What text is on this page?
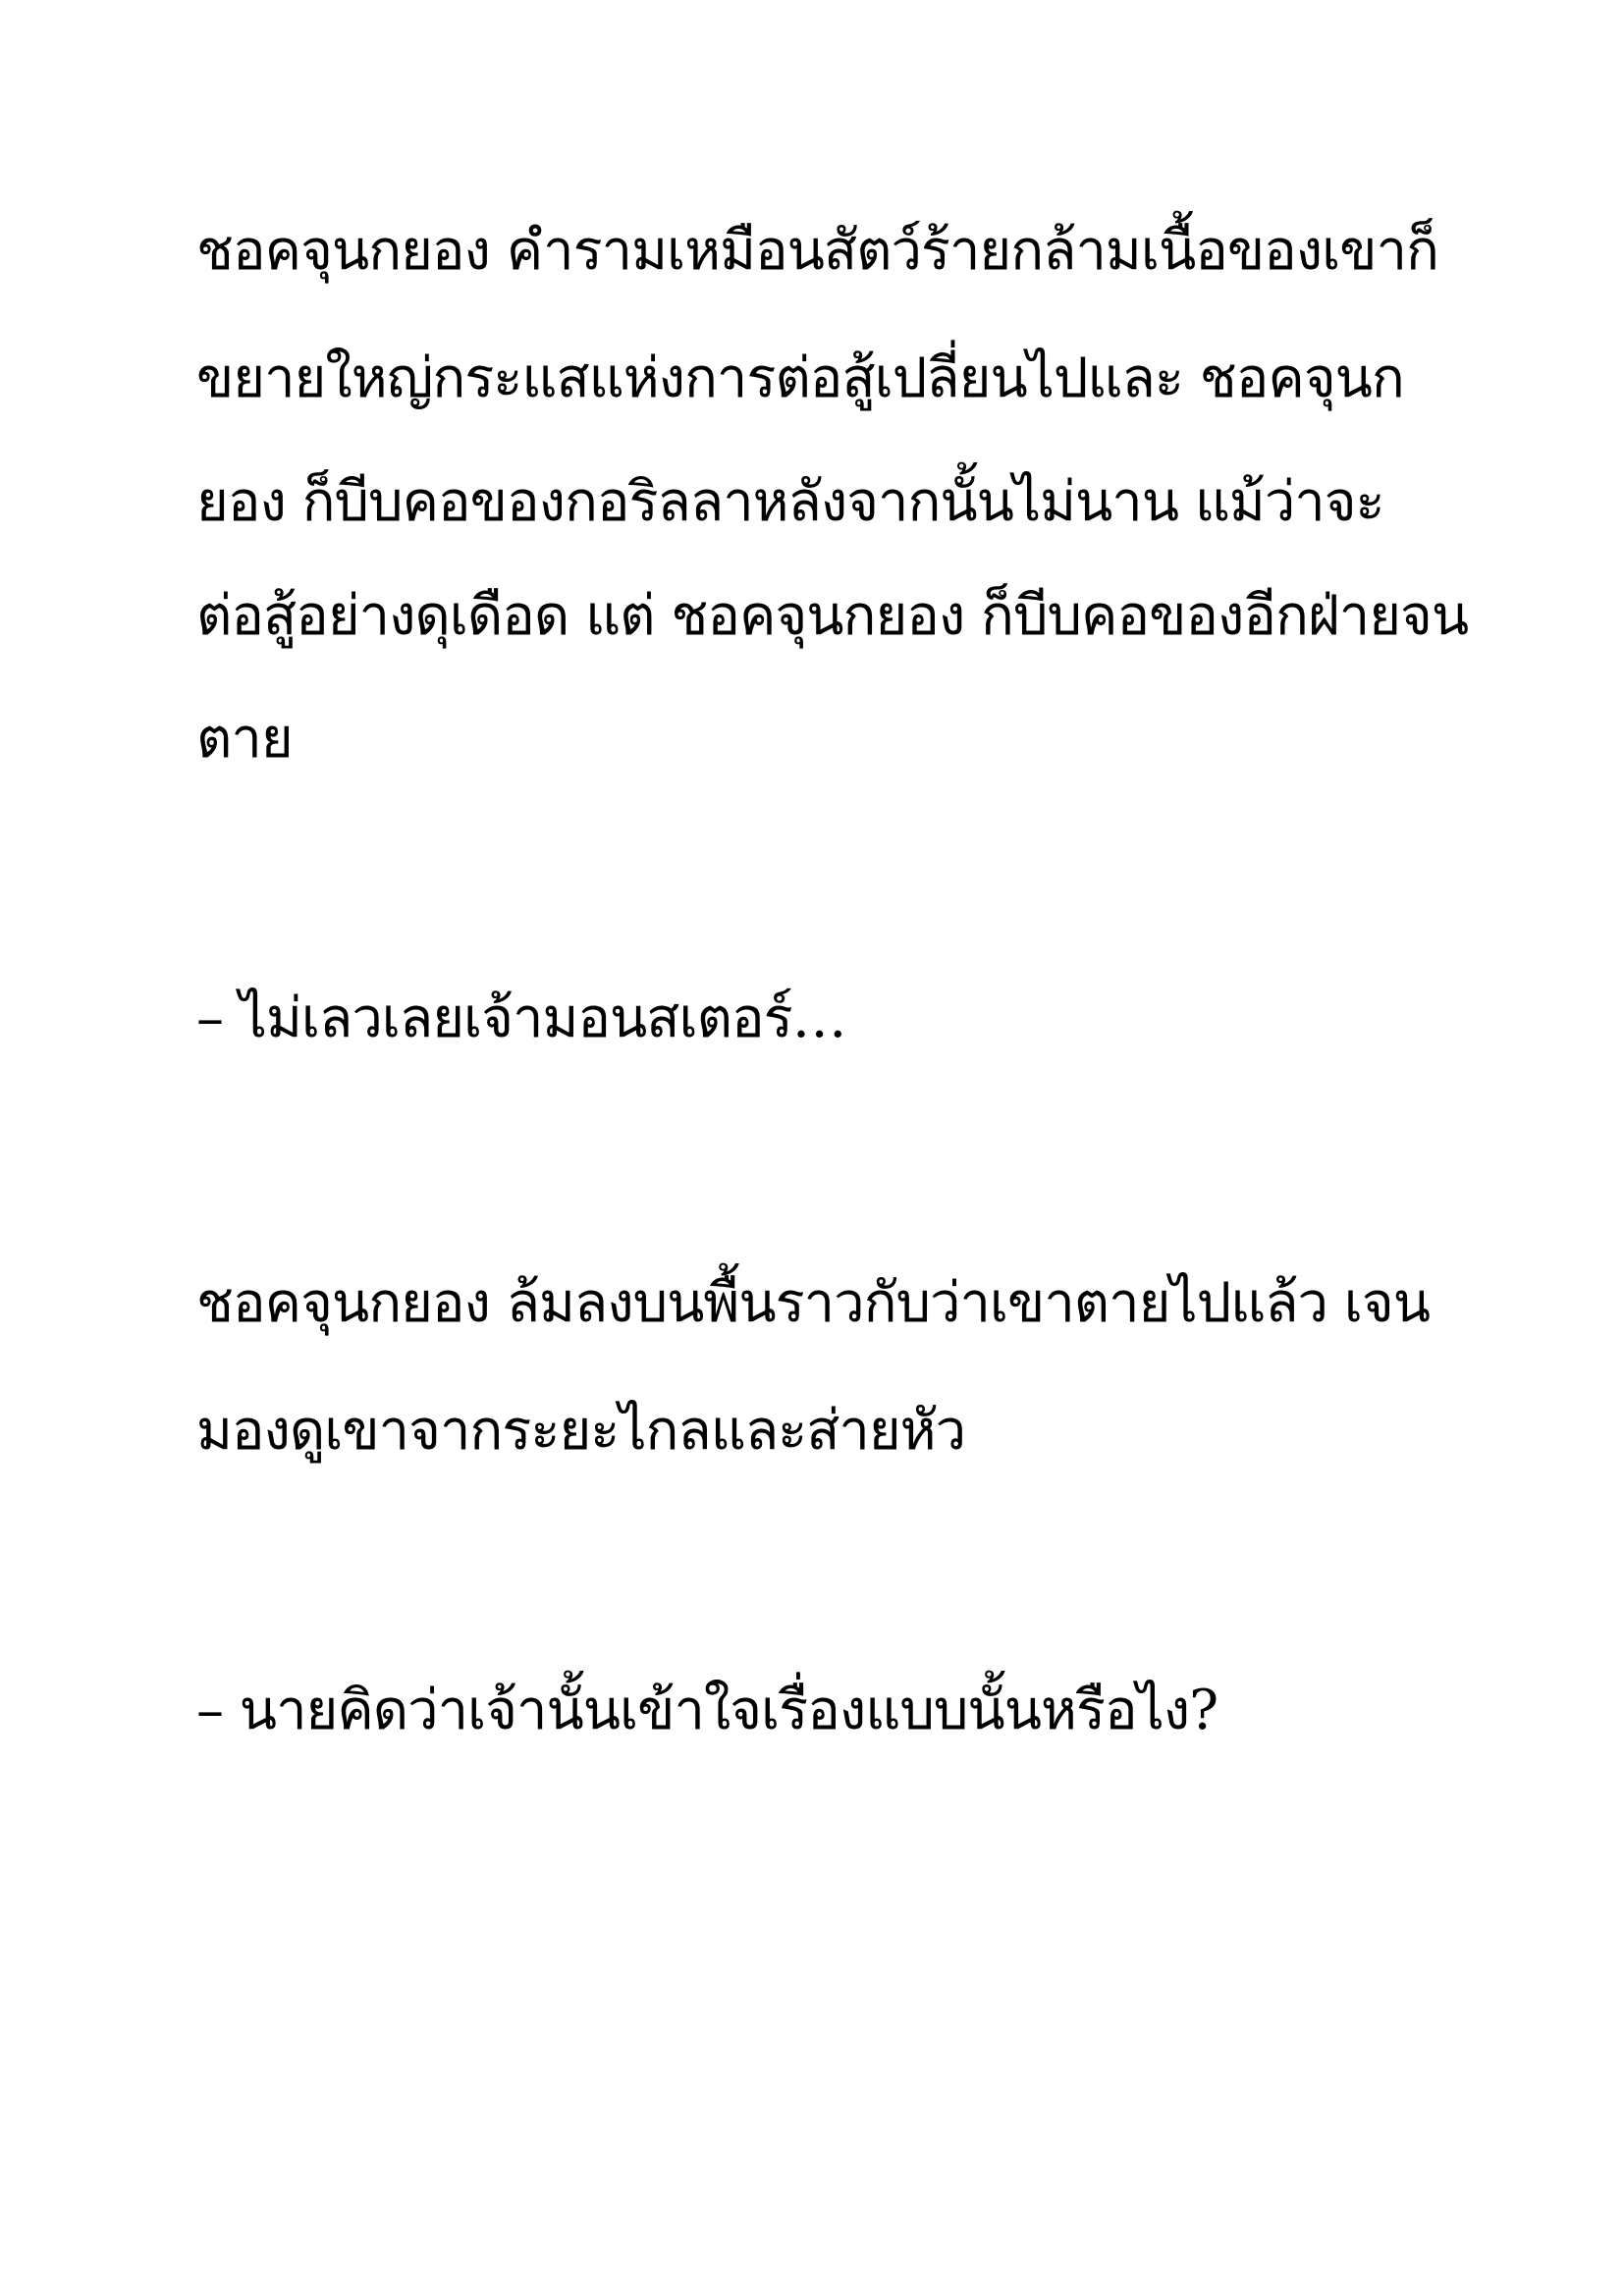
ชอคจุนกยอง คำรามเหมือนสัตว์ร้ายกล้ามเนื้อของเขาก็

ขยายใหญ่กระแสแห่งการต่อสู้เปลี่ยนไปและ ชอคจุนก

ยอง ก็บีบคอของกอริลลาหลังจากนั้นไม่นาน แม้ว่าจะ

ต่อสู้อย่างดุเดือด แต่ ชอคจุนกยอง ก็บีบคอของอีกฝ่ายจน

ตาย

– ไม่เลวเลยเจ้ามอนสเตอร์…

ชอคจุนกยอง ล้มลงบนพื้นราวกับว่าเขาตายไปแล้ว เจน

มองดูเขาจากระยะไกลและส่ายหัว

– นายคิดว่าเจ้านั้นเข้าใจเรื่องแบบนั้นหรือไง?
